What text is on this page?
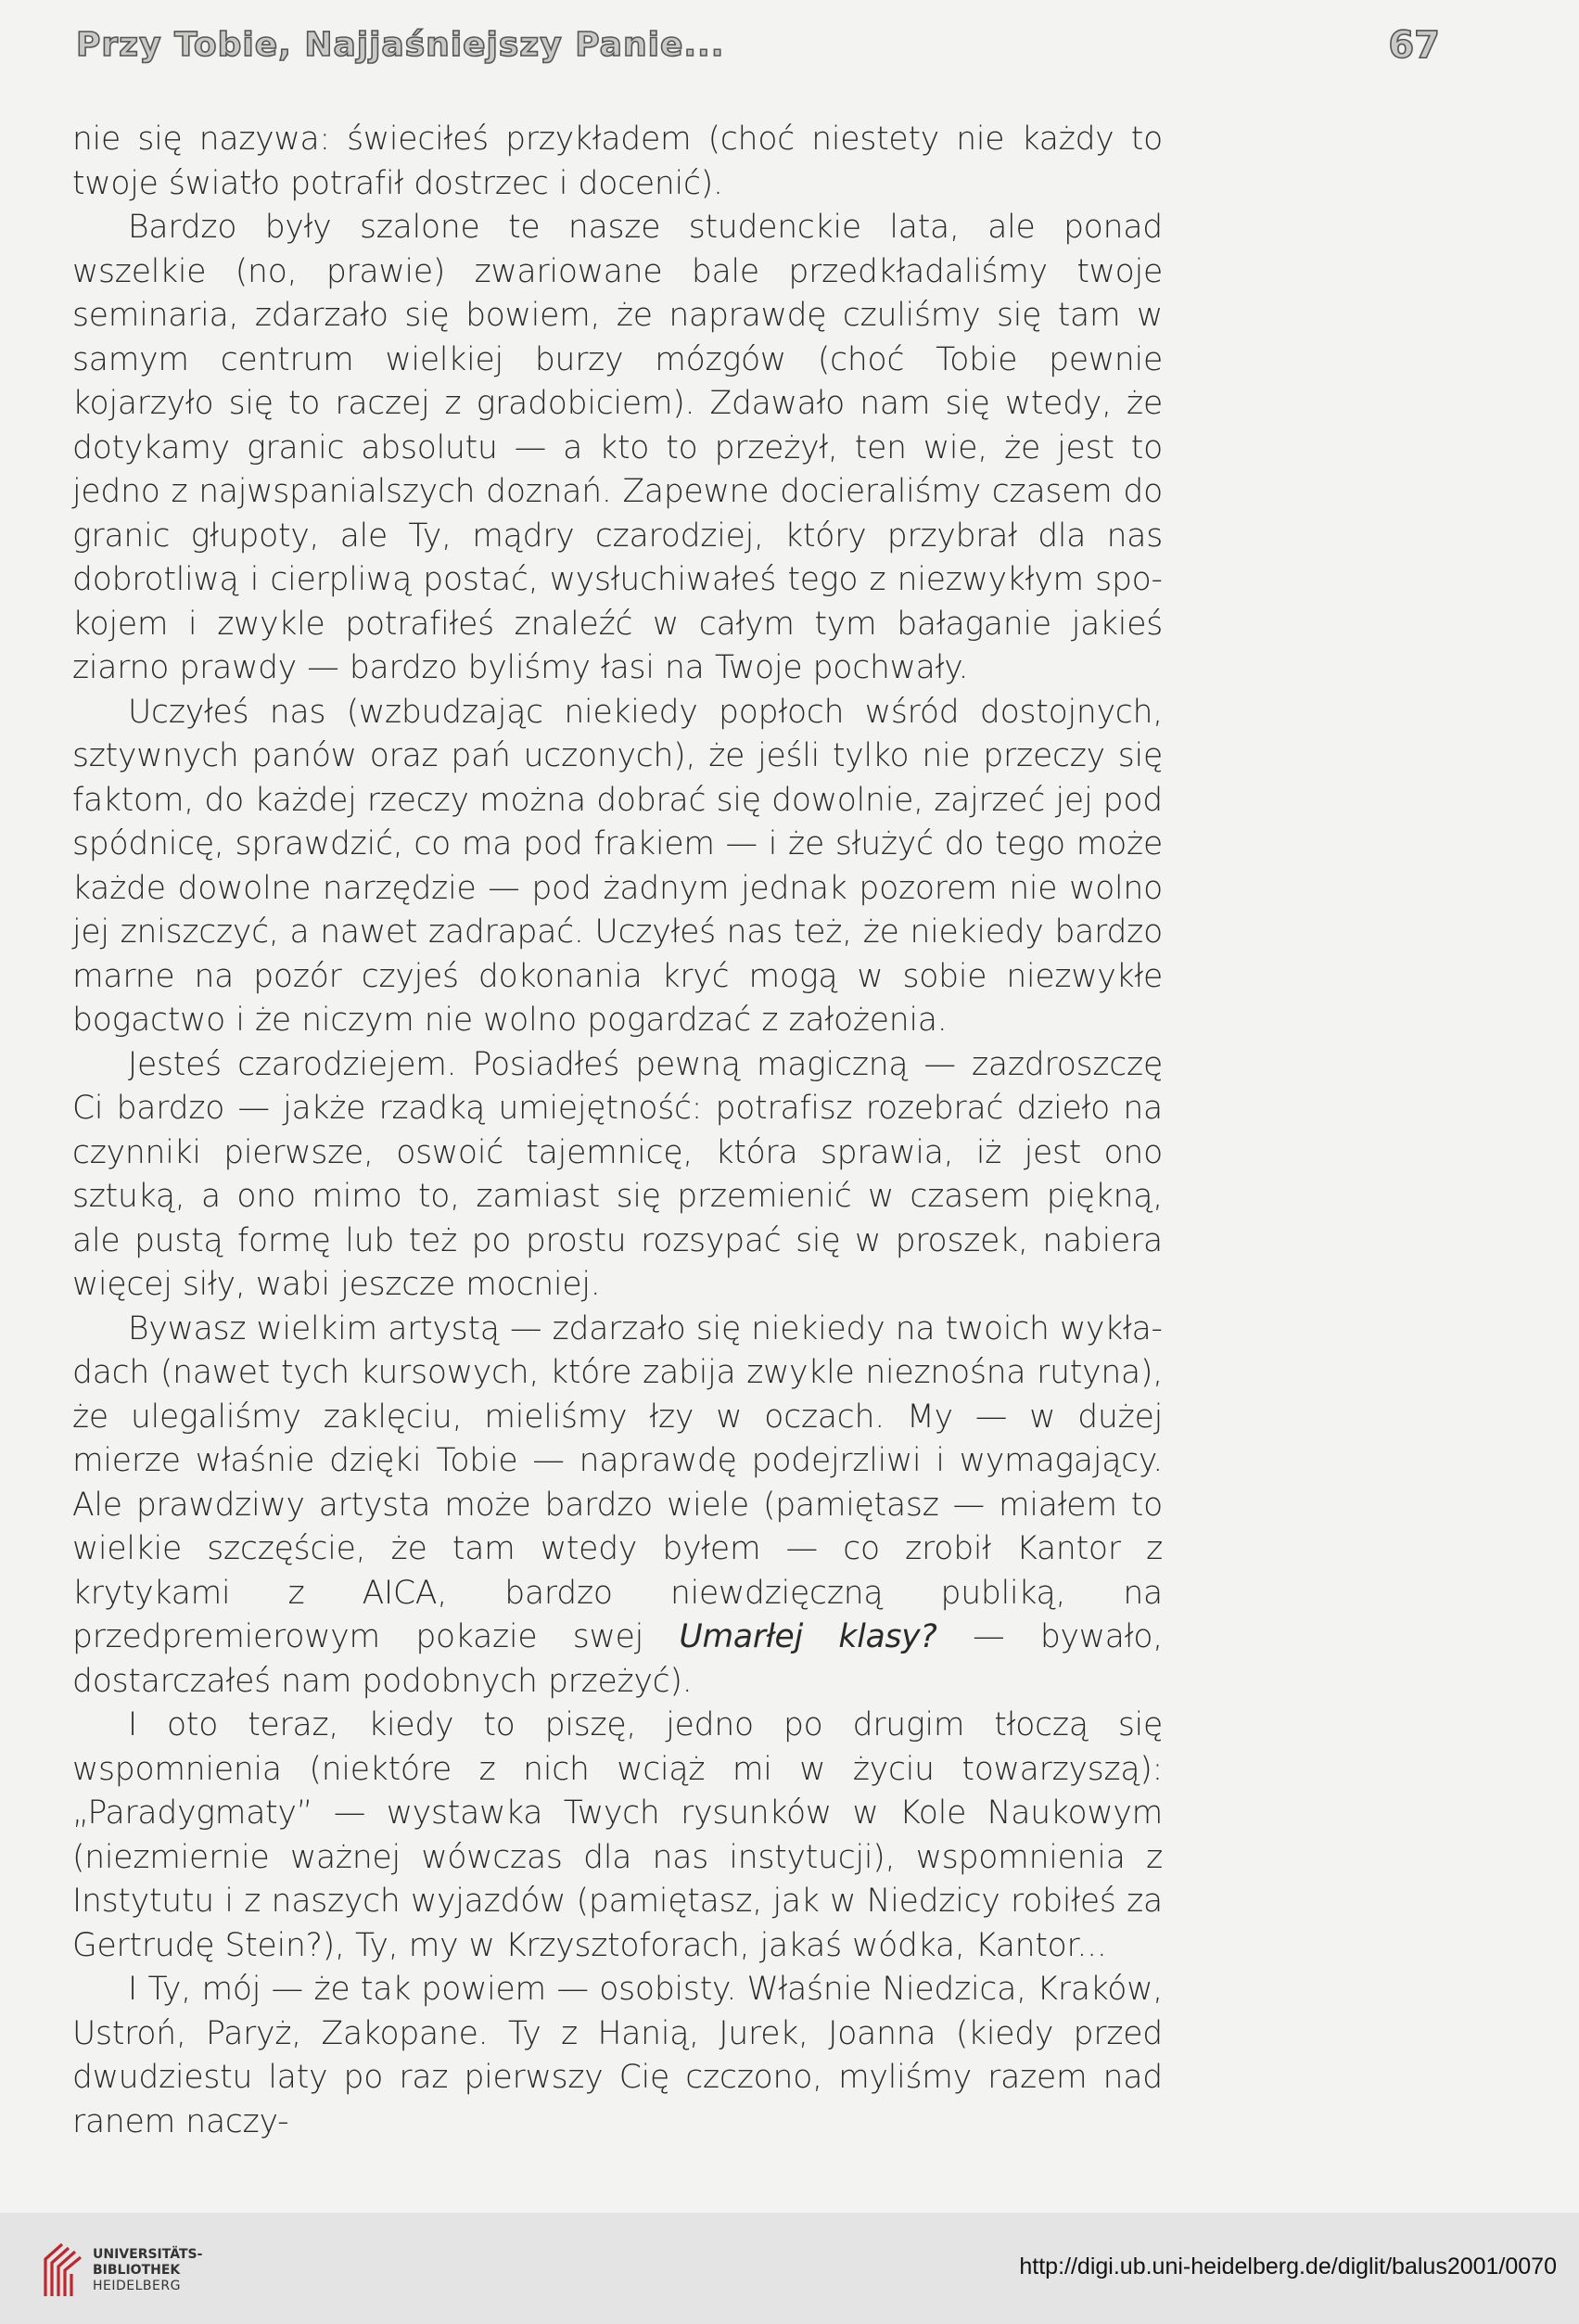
Przy Tobie, Najjaśniejszy Panie...	67

nie się nazywa: świeciłeś przykładem (choć niestety nie każdy to twoje światło potrafił dostrzec i docenić).

Bardzo były szalone te nasze studenckie lata, ale ponad wszelkie (no, prawie) zwariowane bale przedkładaliśmy twoje seminaria, zdarzało się bowiem, że naprawdę czuliśmy się tam w samym centrum wielkiej burzy mózgów (choć Tobie pewnie kojarzyło się to raczej z gradobiciem). Zdawało nam się wtedy, że dotykamy granic absolutu — a kto to przeżył, ten wie, że jest to jedno z najwspanialszych doznań. Zapewne docieraliśmy czasem do granic głupoty, ale Ty, mądry czarodziej, który przybrał dla nas dobrotliwą i cierpliwą postać, wysłuchiwałeś tego z niezwykłym spokojem i zwykle potrafiłeś znaleźć w całym tym bałaganie jakieś ziarno prawdy — bardzo byliśmy łasi na Twoje pochwały.

Uczyłeś nas (wzbudzając niekiedy popłoch wśród dostojnych, sztywnych panów oraz pań uczonych), że jeśli tylko nie przeczy się faktom, do każdej rzeczy można dobrać się dowolnie, zajrzeć jej pod spódnicę, sprawdzić, co ma pod frakiem — i że służyć do tego może każde dowolne narzędzie — pod żadnym jednak pozorem nie wolno jej zniszczyć, a nawet zadrapać. Uczyłeś nas też, że niekiedy bardzo marne na pozór czyjeś dokonania kryć mogą w sobie niezwykłe bogactwo i że niczym nie wolno pogardzać z założenia.

Jesteś czarodziejem. Posiadłeś pewną magiczną — zazdroszczę Ci bardzo — jakże rzadką umiejętność: potrafisz rozebrać dzieło na czynniki pierwsze, oswoić tajemnicę, która sprawia, iż jest ono sztuką, a ono mimo to, zamiast się przemienić w czasem piękną, ale pustą formę lub też po prostu rozsypać się w proszek, nabiera więcej siły, wabi jeszcze mocniej.

Bywasz wielkim artystą — zdarzało się niekiedy na twoich wykładach (nawet tych kursowych, które zabija zwykle nieznośna rutyna), że ulegaliśmy zaklęciu, mieliśmy łzy w oczach. My — w dużej mierze właśnie dzięki Tobie — naprawdę podejrzliwi i wymagający. Ale prawdziwy artysta może bardzo wiele (pamiętasz — miałem to wielkie szczęście, że tam wtedy byłem — co zrobił Kantor z krytykami z AICA, bardzo niewdzięczną publiką, na przedpremierowym pokazie swej Umarłej klasy? — bywało, dostarczałeś nam podobnych przeżyć).

I oto teraz, kiedy to piszę, jedno po drugim tłoczą się wspomnienia (niektóre z nich wciąż mi w życiu towarzyszą): „Paradygmaty” — wystawka Twych rysunków w Kole Naukowym (niezmiernie ważnej wówczas dla nas instytucji), wspomnienia z Instytutu i z naszych wyjazdów (pamiętasz, jak w Niedzicy robiłeś za Gertrudę Stein?), Ty, my w Krzysztoforach, jakaś wódka, Kantor...

I Ty, mój — że tak powiem — osobisty. Właśnie Niedzica, Kraków, Ustroń, Paryż, Zakopane. Ty z Hanią, Jurek, Joanna (kiedy przed dwudziestu laty po raz pierwszy Cię czczono, myliśmy razem nad ranem naczy-

UNIVERSITÄTS-
BIBLIOTHEK
HEIDELBERG
http://digi.ub.uni-heidelberg.de/diglit/balus2001/0070
